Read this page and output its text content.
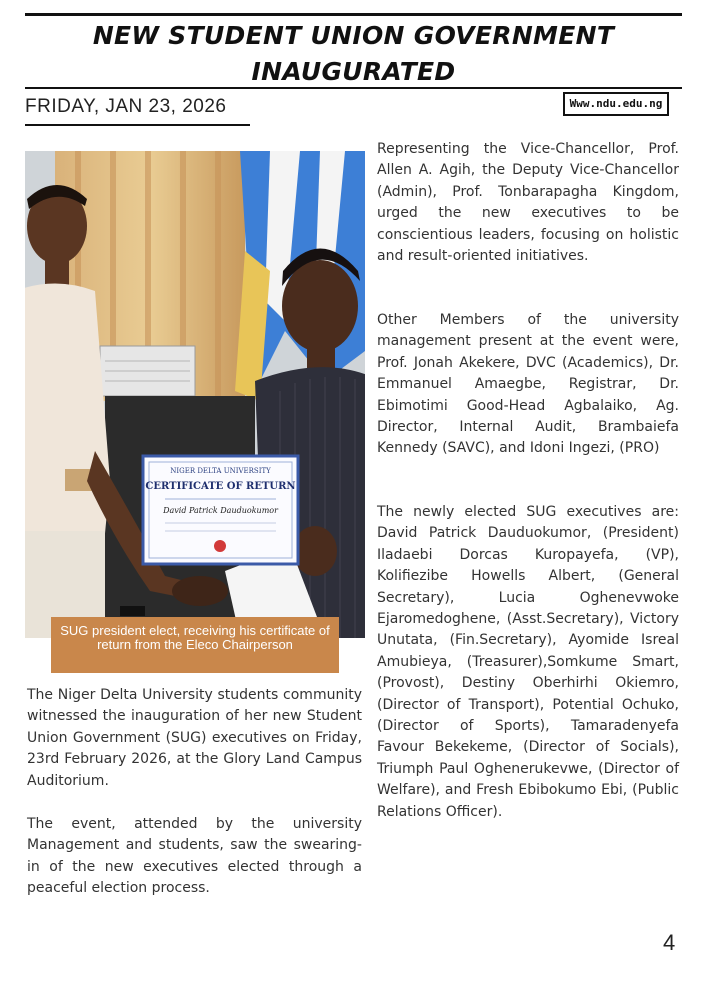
NEW STUDENT UNION GOVERNMENT INAUGURATED
FRIDAY, JAN 23, 2026	Www.ndu.edu.ng
NIGER DELTA UNIVERSITY
CERTIFICATE OF RETURN
David Patrick Dauduokumor
SUG president elect, receiving his certificate of return from the Eleco Chairperson

The Niger Delta University students community witnessed the inauguration of her new Student Union Government (SUG) executives on Friday, 23rd February 2026, at the Glory Land Campus Auditorium.

The event, attended by the university Management and students, saw the swearing-in of the new executives elected through a peaceful election process.

Representing the Vice-Chancellor, Prof. Allen A. Agih, the Deputy Vice-Chancellor (Admin), Prof. Tonbarapagha Kingdom, urged the new executives to be conscientious leaders, focusing on holistic and result-oriented initiatives.

Other Members of the university management present at the event were, Prof. Jonah Akekere, DVC (Academics), Dr. Emmanuel Amaegbe, Registrar, Dr. Ebimotimi Good-Head Agbalaiko, Ag. Director, Internal Audit, Brambaiefa Kennedy (SAVC), and Idoni Ingezi, (PRO)

The newly elected SUG executives are: David Patrick Dauduokumor, (President) Iladaebi Dorcas Kuropayefa, (VP), Kolifiezibe Howells Albert, (General Secretary), Lucia Oghenevwoke Ejaromedoghene, (Asst.Secretary), Victory Unutata, (Fin.Secretary), Ayomide Isreal Amubieya, (Treasurer),Somkume Smart, (Provost), Destiny Oberhirhi Okiemro, (Director of Transport), Potential Ochuko, (Director of Sports), Tamaradenyefa Favour Bekekeme, (Director of Socials), Triumph Paul Oghenerukevwe, (Director of Welfare), and Fresh Ebibokumo Ebi, (Public Relations Officer).

4
